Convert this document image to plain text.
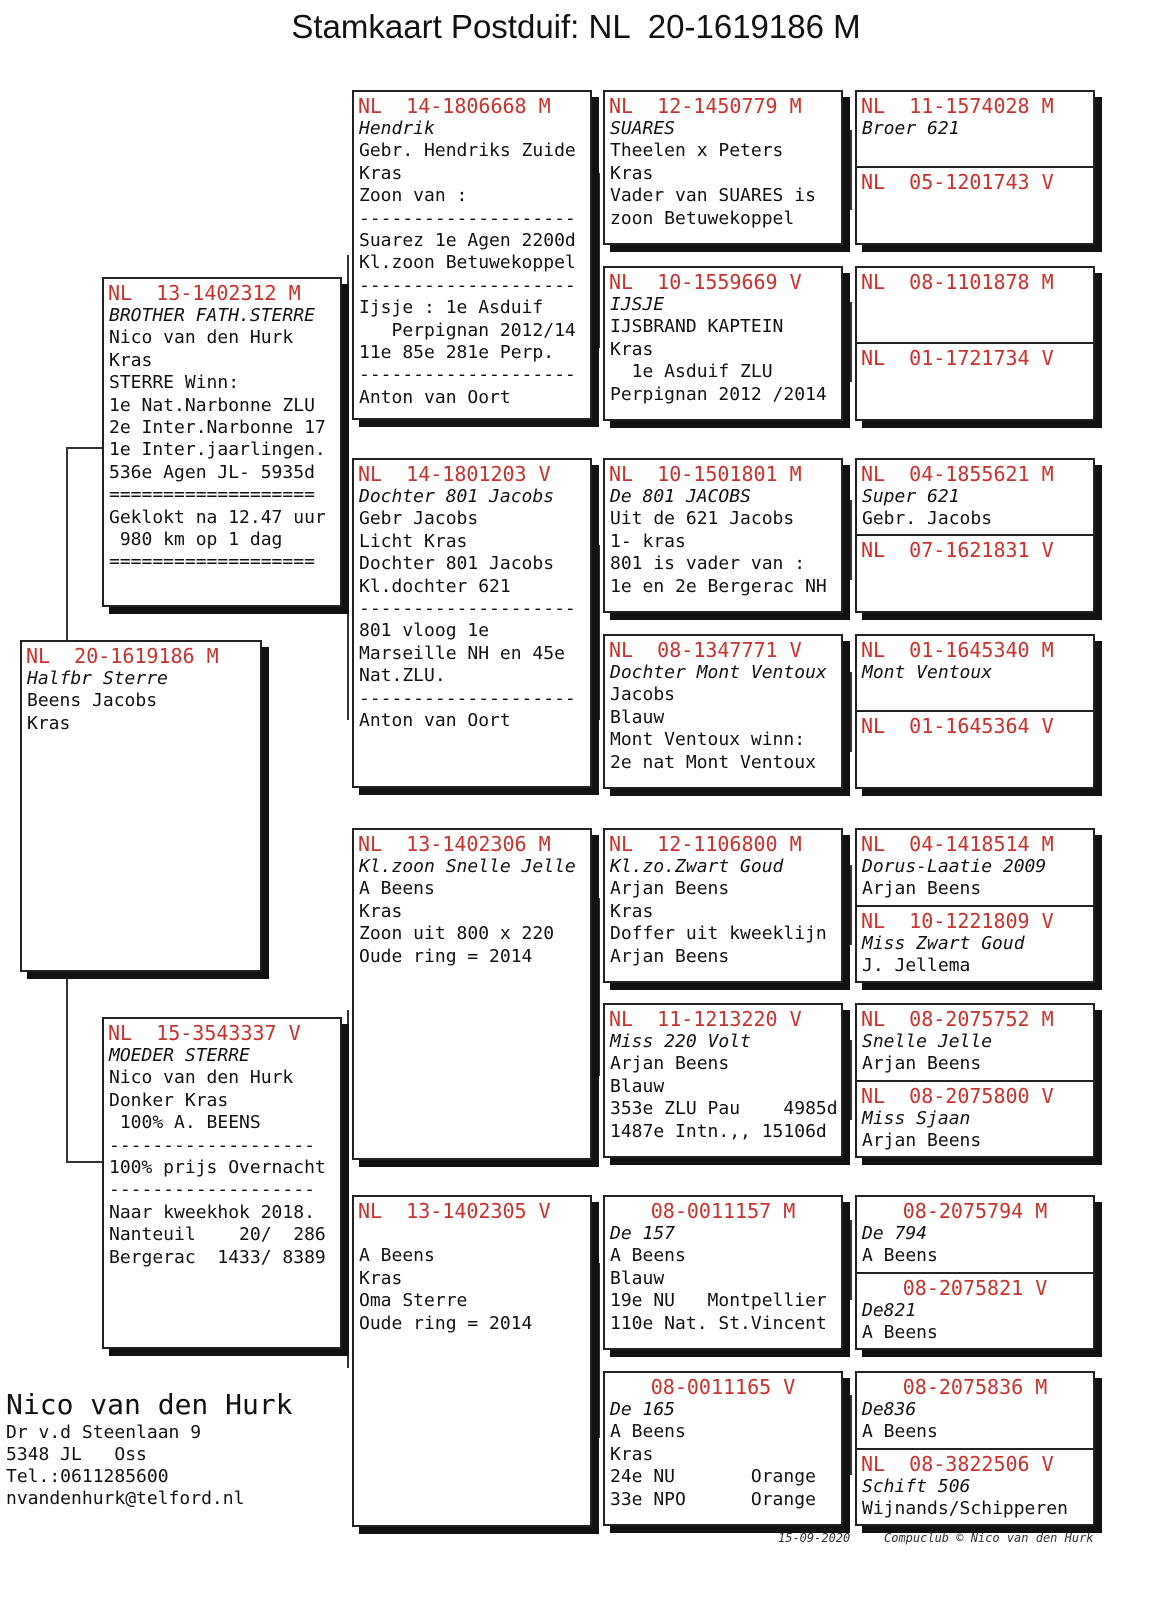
Stamkaart Postduif: NL  20-1619186 M
NL  20-1619186 M
Halfbr Sterre
Beens Jacobs
Kras
NL  13-1402312 M
BROTHER FATH.STERRE
Nico van den Hurk
Kras
STERRE Winn:
1e Nat.Narbonne ZLU
2e Inter.Narbonne 17
1e Inter.jaarlingen.
536e Agen JL- 5935d
===================
Geklokt na 12.47 uur
980 km op 1 dag
===================
NL  15-3543337 V
MOEDER STERRE
Nico van den Hurk
Donker Kras
100% A. BEENS
-------------------
100% prijs Overnacht
-------------------
Naar kweekhok 2018.
Nanteuil    20/  286
Bergerac  1433/ 8389
NL  14-1806668 M
Hendrik
Gebr. Hendriks Zuide
Kras
Zoon van :
--------------------
Suarez 1e Agen 2200d
Kl.zoon Betuwekoppel
--------------------
Ijsje : 1e Asduif
Perpignan 2012/14
11e 85e 281e Perp.
--------------------
Anton van Oort
NL  14-1801203 V
Dochter 801 Jacobs
Gebr Jacobs
Licht Kras
Dochter 801 Jacobs
Kl.dochter 621
--------------------
801 vloog 1e
Marseille NH en 45e
Nat.ZLU.
--------------------
Anton van Oort
NL  13-1402306 M
Kl.zoon Snelle Jelle
A Beens
Kras
Zoon uit 800 x 220
Oude ring = 2014
NL  13-1402305 V
A Beens
Kras
Oma Sterre
Oude ring = 2014
NL  12-1450779 M
SUARES
Theelen x Peters
Kras
Vader van SUARES is
zoon Betuwekoppel
NL  10-1559669 V
IJSJE
IJSBRAND KAPTEIN
Kras
1e Asduif ZLU
Perpignan 2012 /2014
NL  10-1501801 M
De 801 JACOBS
Uit de 621 Jacobs
1- kras
801 is vader van :
1e en 2e Bergerac NH
NL  08-1347771 V
Dochter Mont Ventoux
Jacobs
Blauw
Mont Ventoux winn:
2e nat Mont Ventoux
NL  12-1106800 M
Kl.zo.Zwart Goud
Arjan Beens
Kras
Doffer uit kweeklijn
Arjan Beens
NL  11-1213220 V
Miss 220 Volt
Arjan Beens
Blauw
353e ZLU Pau    4985d
1487e Intn.,, 15106d
08-0011157 M
De 157
A Beens
Blauw
19e NU   Montpellier
110e Nat. St.Vincent
08-0011165 V
De 165
A Beens
Kras
24e NU       Orange
33e NPO      Orange
NL  11-1574028 M
Broer 621
NL  05-1201743 V
NL  08-1101878 M
NL  01-1721734 V
NL  04-1855621 M
Super 621
Gebr. Jacobs
NL  07-1621831 V
NL  01-1645340 M
Mont Ventoux
NL  01-1645364 V
NL  04-1418514 M
Dorus-Laatie 2009
Arjan Beens
NL  10-1221809 V
Miss Zwart Goud
J. Jellema
NL  08-2075752 M
Snelle Jelle
Arjan Beens
NL  08-2075800 V
Miss Sjaan
Arjan Beens
08-2075794 M
De 794
A Beens
08-2075821 V
De821
A Beens
08-2075836 M
De836
A Beens
NL  08-3822506 V
Schift 506
Wijnands/Schipperen
Nico van den Hurk
Dr v.d Steenlaan 9
5348 JL   Oss
Tel.:0611285600
nvandenhurk@telford.nl
15-09-2020	Compuclub © Nico van den Hurk
